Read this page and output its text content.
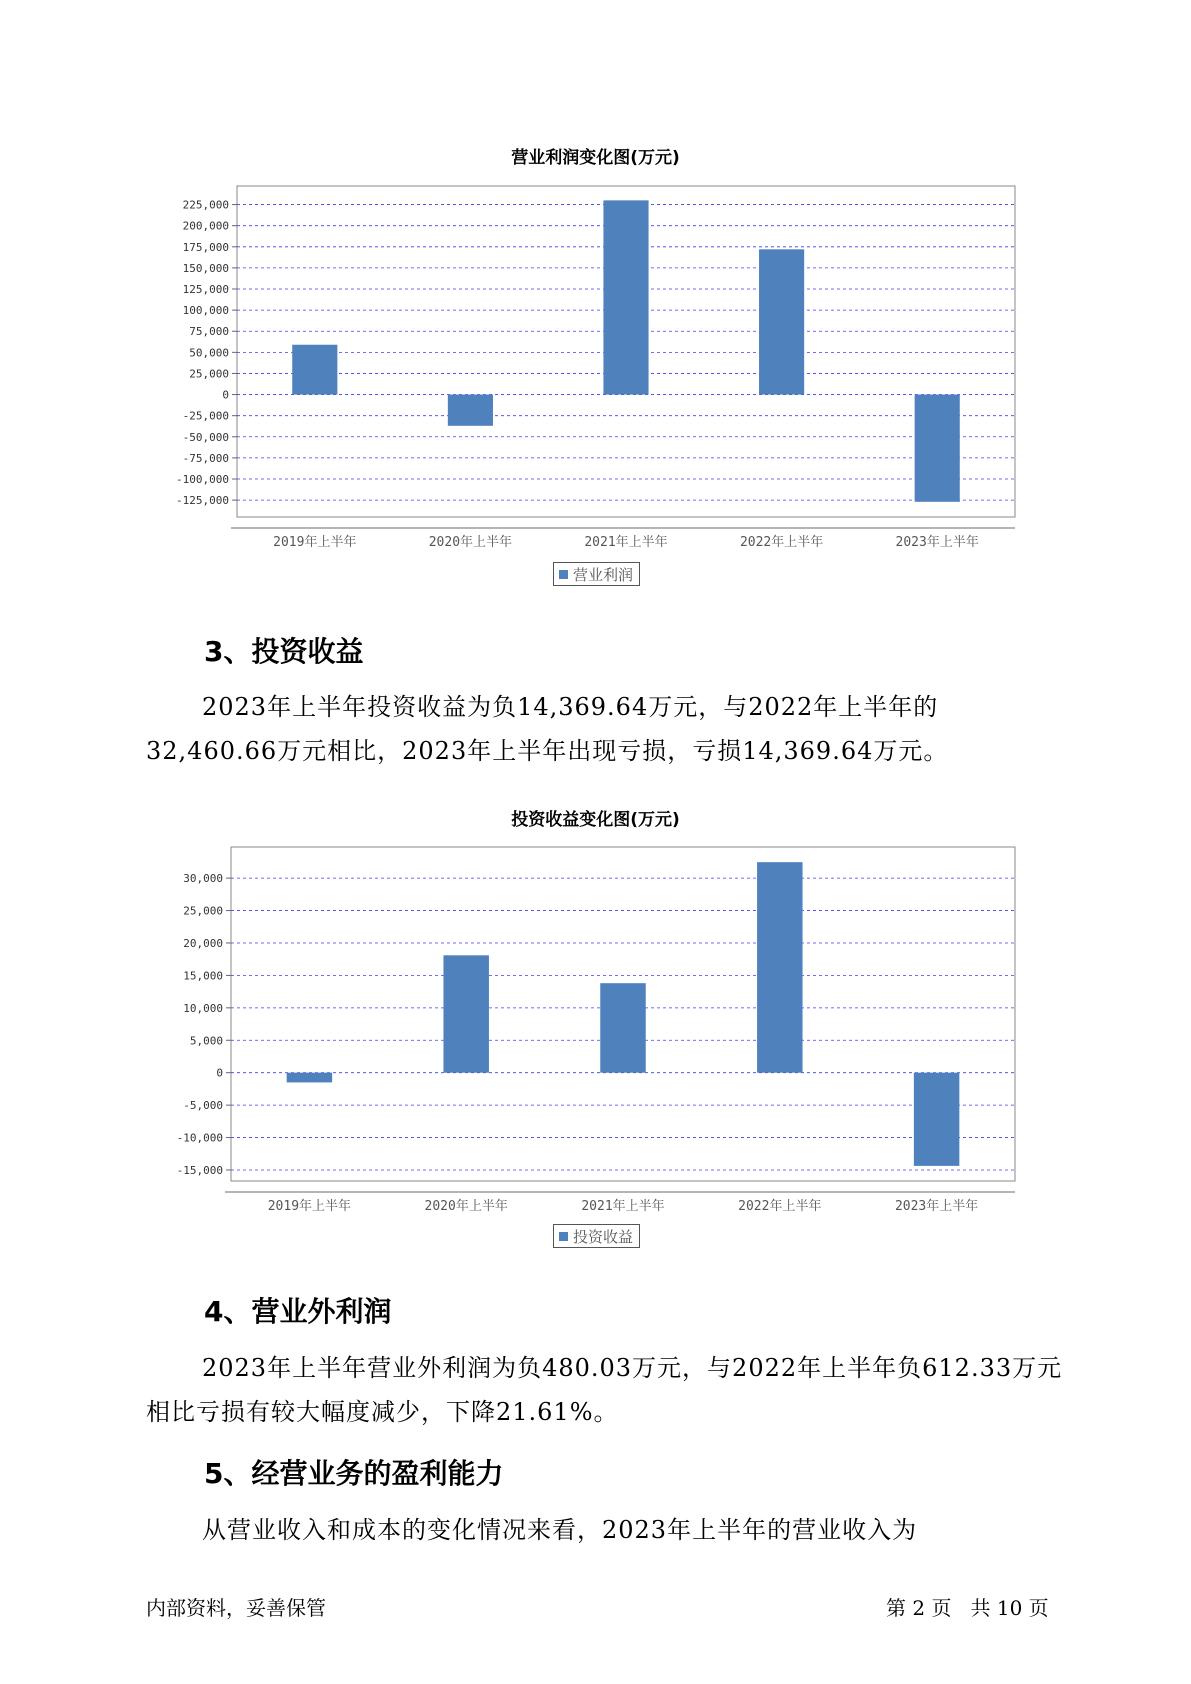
营业利润变化图(万元)
-125,000
-100,000
-75,000
-50,000
-25,000
0
25,000
50,000
75,000
100,000
125,000
150,000
175,000
200,000
225,000
2019年上半年	2020年上半年	2021年上半年	2022年上半年	2023年上半年
营业利润
3、投资收益

2023年上半年投资收益为负14,369.64万元，与2022年上半年的32,460.66万元相比，2023年上半年出现亏损，亏损14,369.64万元。

投资收益变化图(万元)
-15,000
-10,000
-5,000
0
5,000
10,000
15,000
20,000
25,000
30,000
2019年上半年	2020年上半年	2021年上半年	2022年上半年	2023年上半年
投资收益
4、营业外利润

2023年上半年营业外利润为负480.03万元，与2022年上半年负612.33万元相比亏损有较大幅度减少，下降21.61%。

5、经营业务的盈利能力

从营业收入和成本的变化情况来看，2023年上半年的营业收入为

内部资料，妥善保管	第 2 页   共 10 页
